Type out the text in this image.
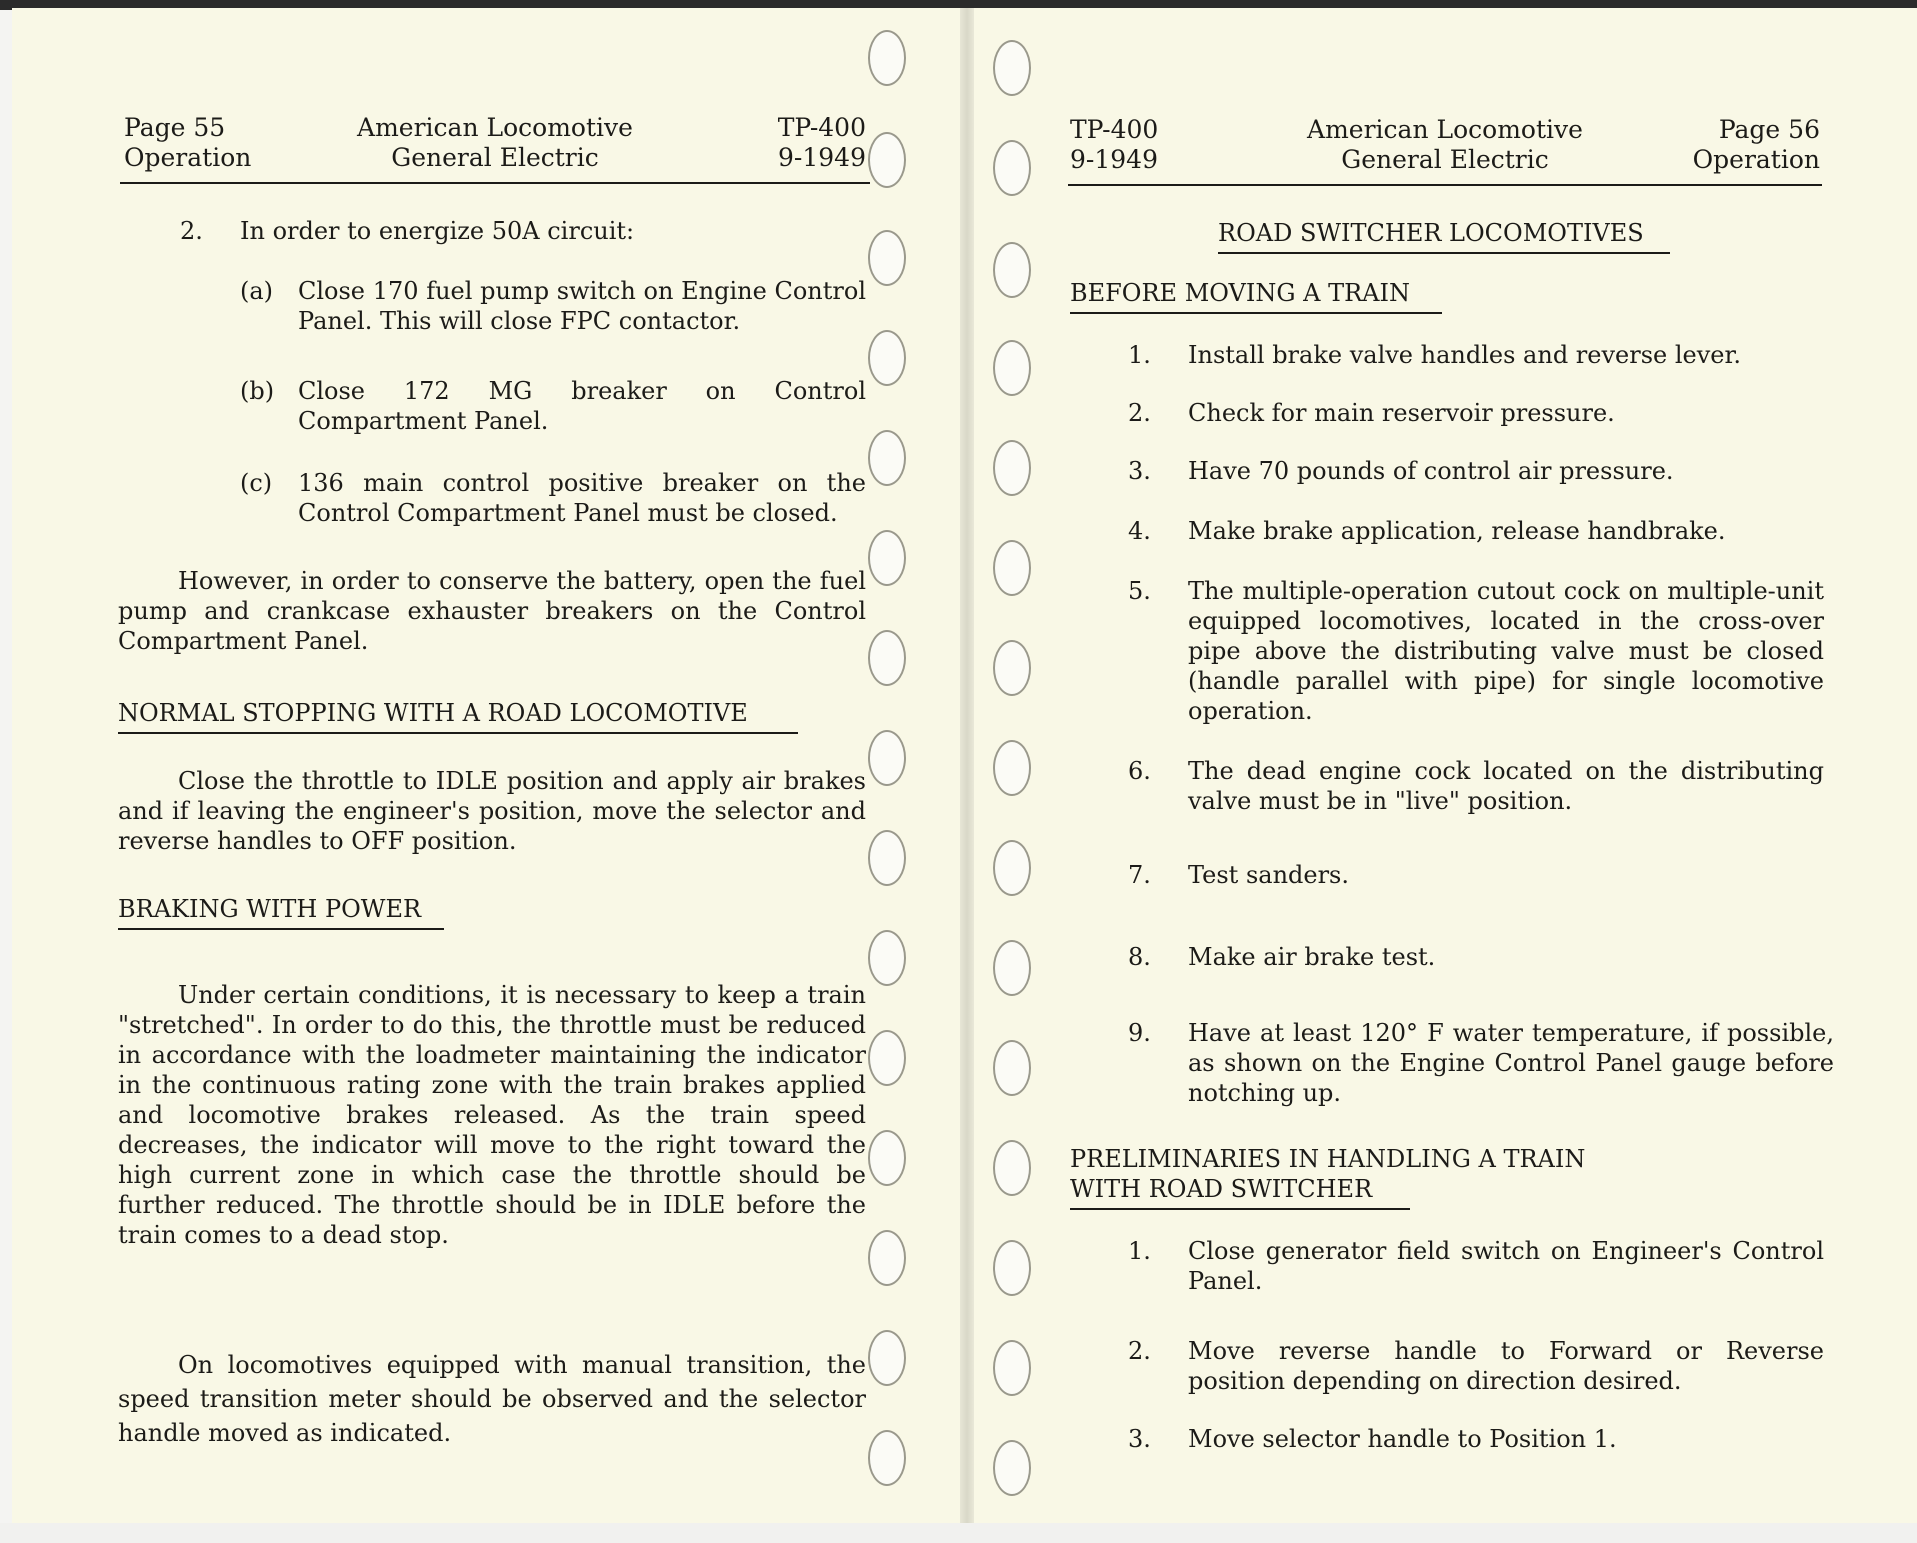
Page 55
Operation
American Locomotive
General Electric
TP-400
9-1949
2. In order to energize 50A circuit:
(a) Close 170 fuel pump switch on Engine Control Panel. This will close FPC contactor.
(b) Close 172 MG breaker on Control Compartment Panel.
(c) 136 main control positive breaker on the Control Compartment Panel must be closed.
However, in order to conserve the battery, open the fuel pump and crankcase exhauster breakers on the Control Compartment Panel.
NORMAL STOPPING WITH A ROAD LOCOMOTIVE
Close the throttle to IDLE position and apply air brakes and if leaving the engineer's position, move the selector and reverse handles to OFF position.
BRAKING WITH POWER
Under certain conditions, it is necessary to keep a train "stretched". In order to do this, the throttle must be reduced in accordance with the loadmeter maintaining the indicator in the continuous rating zone with the train brakes applied and locomotive brakes released. As the train speed decreases, the indicator will move to the right toward the high current zone in which case the throttle should be further reduced. The throttle should be in IDLE before the train comes to a dead stop.
On locomotives equipped with manual transition, the speed transition meter should be observed and the selector handle moved as indicated.
TP-400
9-1949
American Locomotive
General Electric
Page 56
Operation
ROAD SWITCHER LOCOMOTIVES
BEFORE MOVING A TRAIN
1. Install brake valve handles and reverse lever.
2. Check for main reservoir pressure.
3. Have 70 pounds of control air pressure.
4. Make brake application, release handbrake.
5. The multiple-operation cutout cock on multiple-unit equipped locomotives, located in the cross-over pipe above the distributing valve must be closed (handle parallel with pipe) for single locomotive operation.
6. The dead engine cock located on the distributing valve must be in "live" position.
7. Test sanders.
8. Make air brake test.
9. Have at least 120° F water temperature, if possible, as shown on the Engine Control Panel gauge before notching up.
PRELIMINARIES IN HANDLING A TRAIN
WITH ROAD SWITCHER
1. Close generator field switch on Engineer's Control Panel.
2. Move reverse handle to Forward or Reverse position depending on direction desired.
3. Move selector handle to Position 1.
